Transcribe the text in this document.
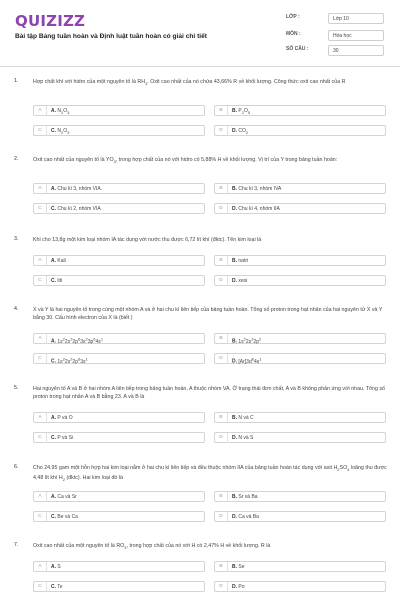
QUIZIZZ
Bài tập Bảng tuần hoàn và Định luật tuần hoàn có giải chi tiết
LỚP :	Lớp 10
MÔN :	Hóa học
SỐ CÂU :	30
1.	Hợp chất khí với hidro của một nguyên tố là $RH_3$. Oxit cao nhất của nó chứa 43,66% R về khối lượng. Công thức oxit cao nhất của R
A	A. $N_2O_3$	B	B. $P_2O_5$
C	C. $N_2O_3$	D	D. $CO_2$
2.	Oxit cao nhất của nguyên tố là $YO_3$, trong hợp chất của nó với hidro có 5,88% H về khối lượng. Vị trí của Y trong bảng tuần hoàn:
A	A. Chu kì 3, nhóm VIA.	B	B. Chu kì 3, nhóm IVA
C	C. Chu kì 2, nhóm VIA	D	D. Chu kì 4, nhóm IIA
3.	Khi cho 13,8g một kim loại nhóm IA tác dụng với nước thu được 6,72 lít khí (đktc). Tên kim loại là
A	A. Kali	B	B. natri
C	C. liti	D	D. xesi
4.	X và Y là hai nguyên tố trong cùng một nhóm A và ở hai chu kì liên tiếp của bảng tuần hoàn. Tổng số proton trong hạt nhân của hai nguyên tử X và Y bằng 30. Cấu hình electron của X là (biết )
A
A. $1s^22s^22p^63s^23p^64s^1$	B
B. $1s^22s^22p^2$
C
C. $1s^22s^22p^63s^1$	D
D. $[Ar]3d^64s^1$
5.	Hai nguyên tố A và B ở hai nhóm A liên tiếp trong bảng tuần hoàn, A thuộc nhóm VA. Ở trạng thái đơn chất, A và B không phản ứng với nhau. Tổng số proton trong hạt nhân A và B bằng 23. A và B là
A	A. P và O	B	B. N và C
C	C. P và Si	D	D. N và S
6.	Cho 24,95 gam một hỗn hợp hai kim loại nằm ở hai chu kì liên tiếp và đều thuộc nhóm IIA của bảng tuần hoàn tác dụng với axit $H_2SO_4$ loãng thu được 4,48 lít khí $H_2$ (đktc). Hai kim loại đó là
A	A. Ca và Sr	B	B. Sr và Ba
C	C. Be và Ca	D	D. Ca và Ba
7.	Oxit cao nhất của một nguyên tố là $RO_3$, trong hợp chất của nó với H có 2,47% H về khối lượng. R là
A	A. S	B	B. Se
C	C. Te	D	D. Po
